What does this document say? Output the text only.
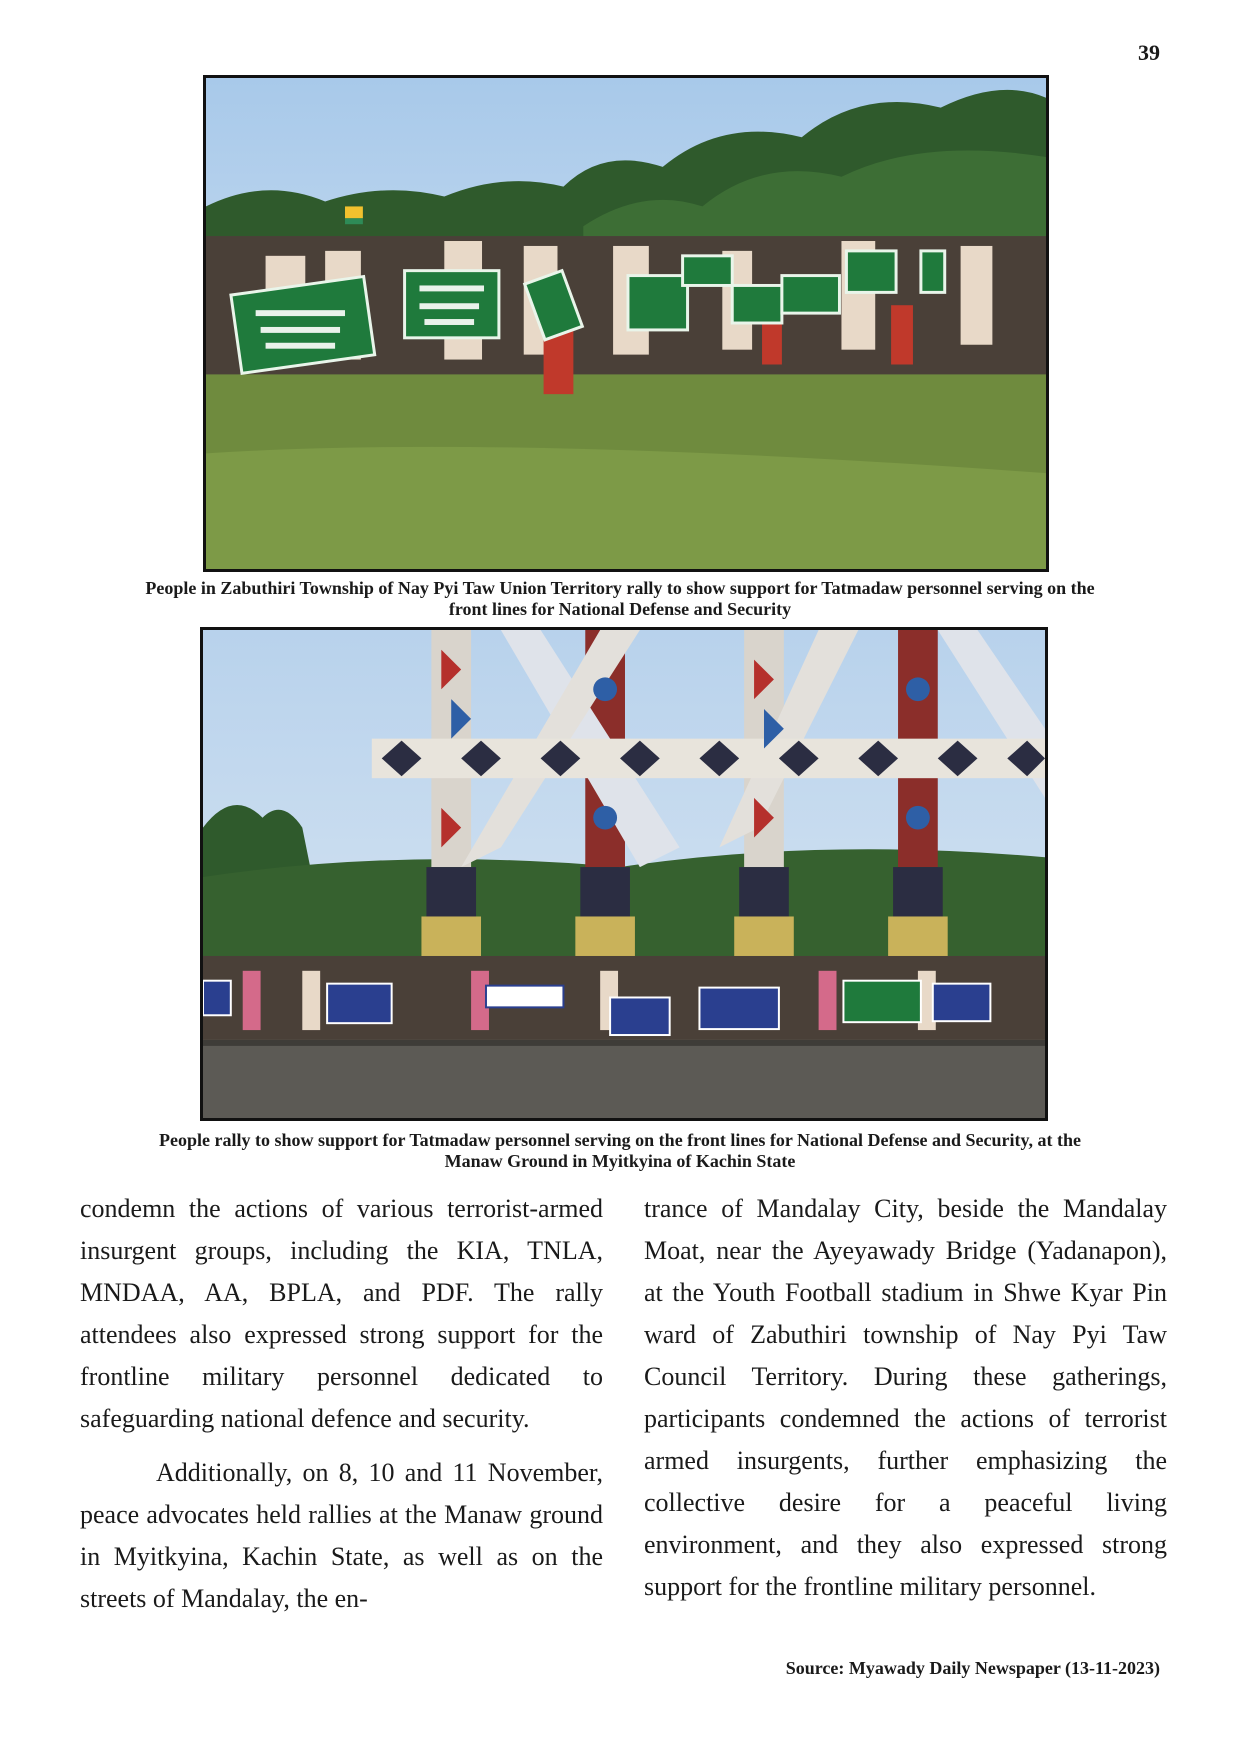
39
People in Zabuthiri Township of Nay Pyi Taw Union Territory rally to show support for Tatmadaw personnel serving on the front lines for National Defense and Security
People rally to show support for Tatmadaw personnel serving on the front lines for National Defense and Security, at the Manaw Ground in Myitkyina of Kachin State

condemn the actions of various terrorist-armed insurgent groups, including the KIA, TNLA, MNDAA, AA, BPLA, and PDF. The rally attendees also expressed strong support for the frontline military personnel dedicated to safeguarding national defence and security.

Additionally, on 8, 10 and 11 November, peace advocates held rallies at the Manaw ground in Myitkyina, Kachin State, as well as on the streets of Mandalay, the en-

trance of Mandalay City, beside the Mandalay Moat, near the Ayeyawady Bridge (Yadanapon), at the Youth Football stadium in Shwe Kyar Pin ward of Zabuthiri township of Nay Pyi Taw Council Territory. During these gatherings, participants condemned the actions of terrorist armed insurgents, further emphasizing the collective desire for a peaceful living environment, and they also expressed strong support for the frontline military personnel.

Source: Myawady Daily Newspaper (13-11-2023)
